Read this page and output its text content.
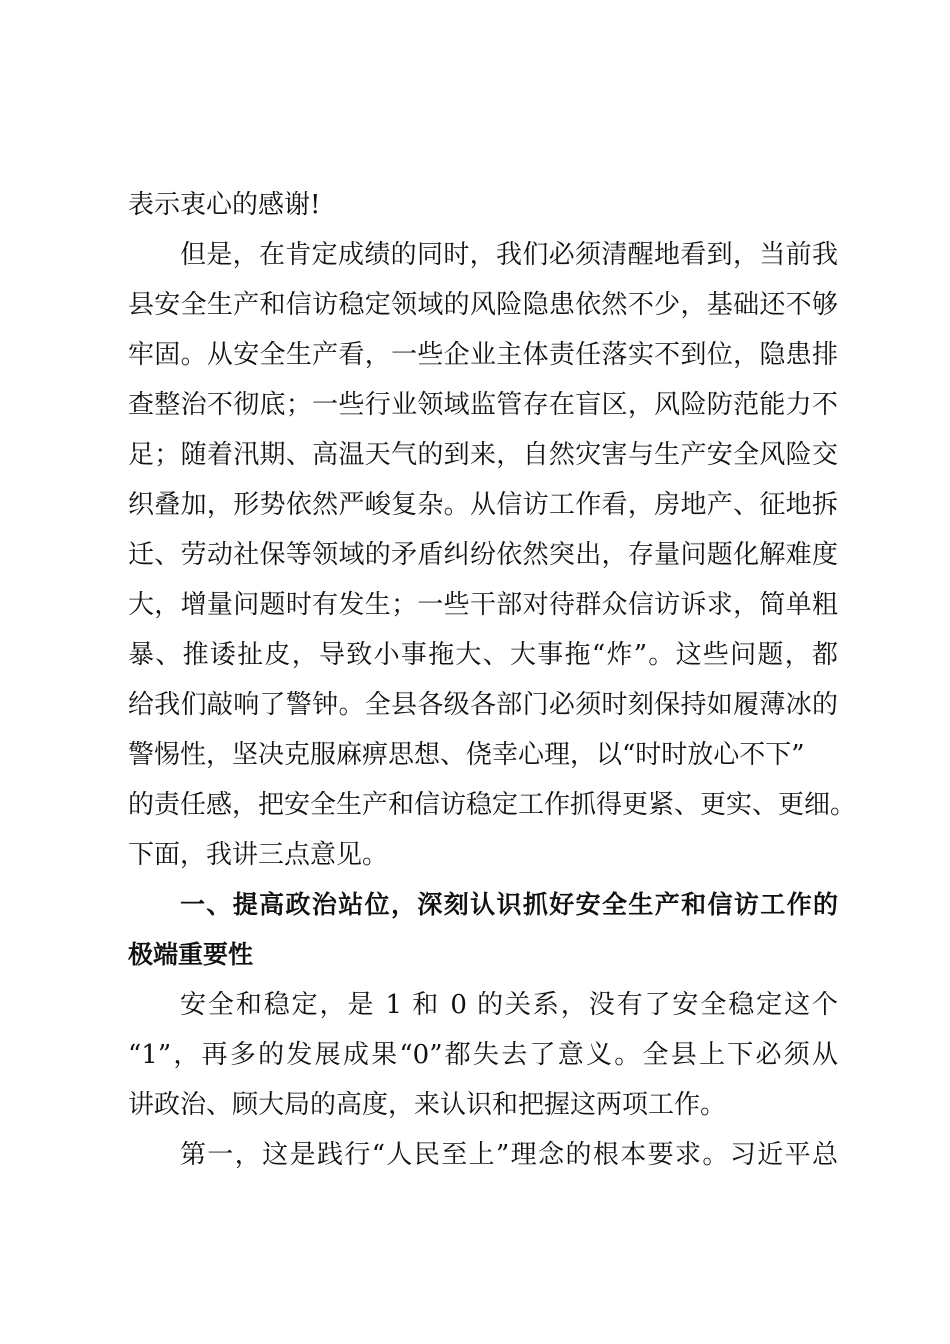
表示衷心的感谢!
但是，在肯定成绩的同时，我们必须清醒地看到，当前我
县安全生产和信访稳定领域的风险隐患依然不少，基础还不够
牢固。从安全生产看，一些企业主体责任落实不到位，隐患排
查整治不彻底；一些行业领域监管存在盲区，风险防范能力不
足；随着汛期、高温天气的到来，自然灾害与生产安全风险交
织叠加，形势依然严峻复杂。从信访工作看，房地产、征地拆
迁、劳动社保等领域的矛盾纠纷依然突出，存量问题化解难度
大，增量问题时有发生；一些干部对待群众信访诉求，简单粗
暴、推诿扯皮，导致小事拖大、大事拖“炸”。这些问题，都
给我们敲响了警钟。全县各级各部门必须时刻保持如履薄冰的
警惕性，坚决克服麻痹思想、侥幸心理，以“时时放心不下”
的责任感，把安全生产和信访稳定工作抓得更紧、更实、更细。
下面，我讲三点意见。
一、提高政治站位，深刻认识抓好安全生产和信访工作的
极端重要性
安全和稳定，是 1 和 0 的关系，没有了安全稳定这个
“1”，再多的发展成果“0”都失去了意义。全县上下必须从
讲政治、顾大局的高度，来认识和把握这两项工作。
第一，这是践行“人民至上”理念的根本要求。习近平总
